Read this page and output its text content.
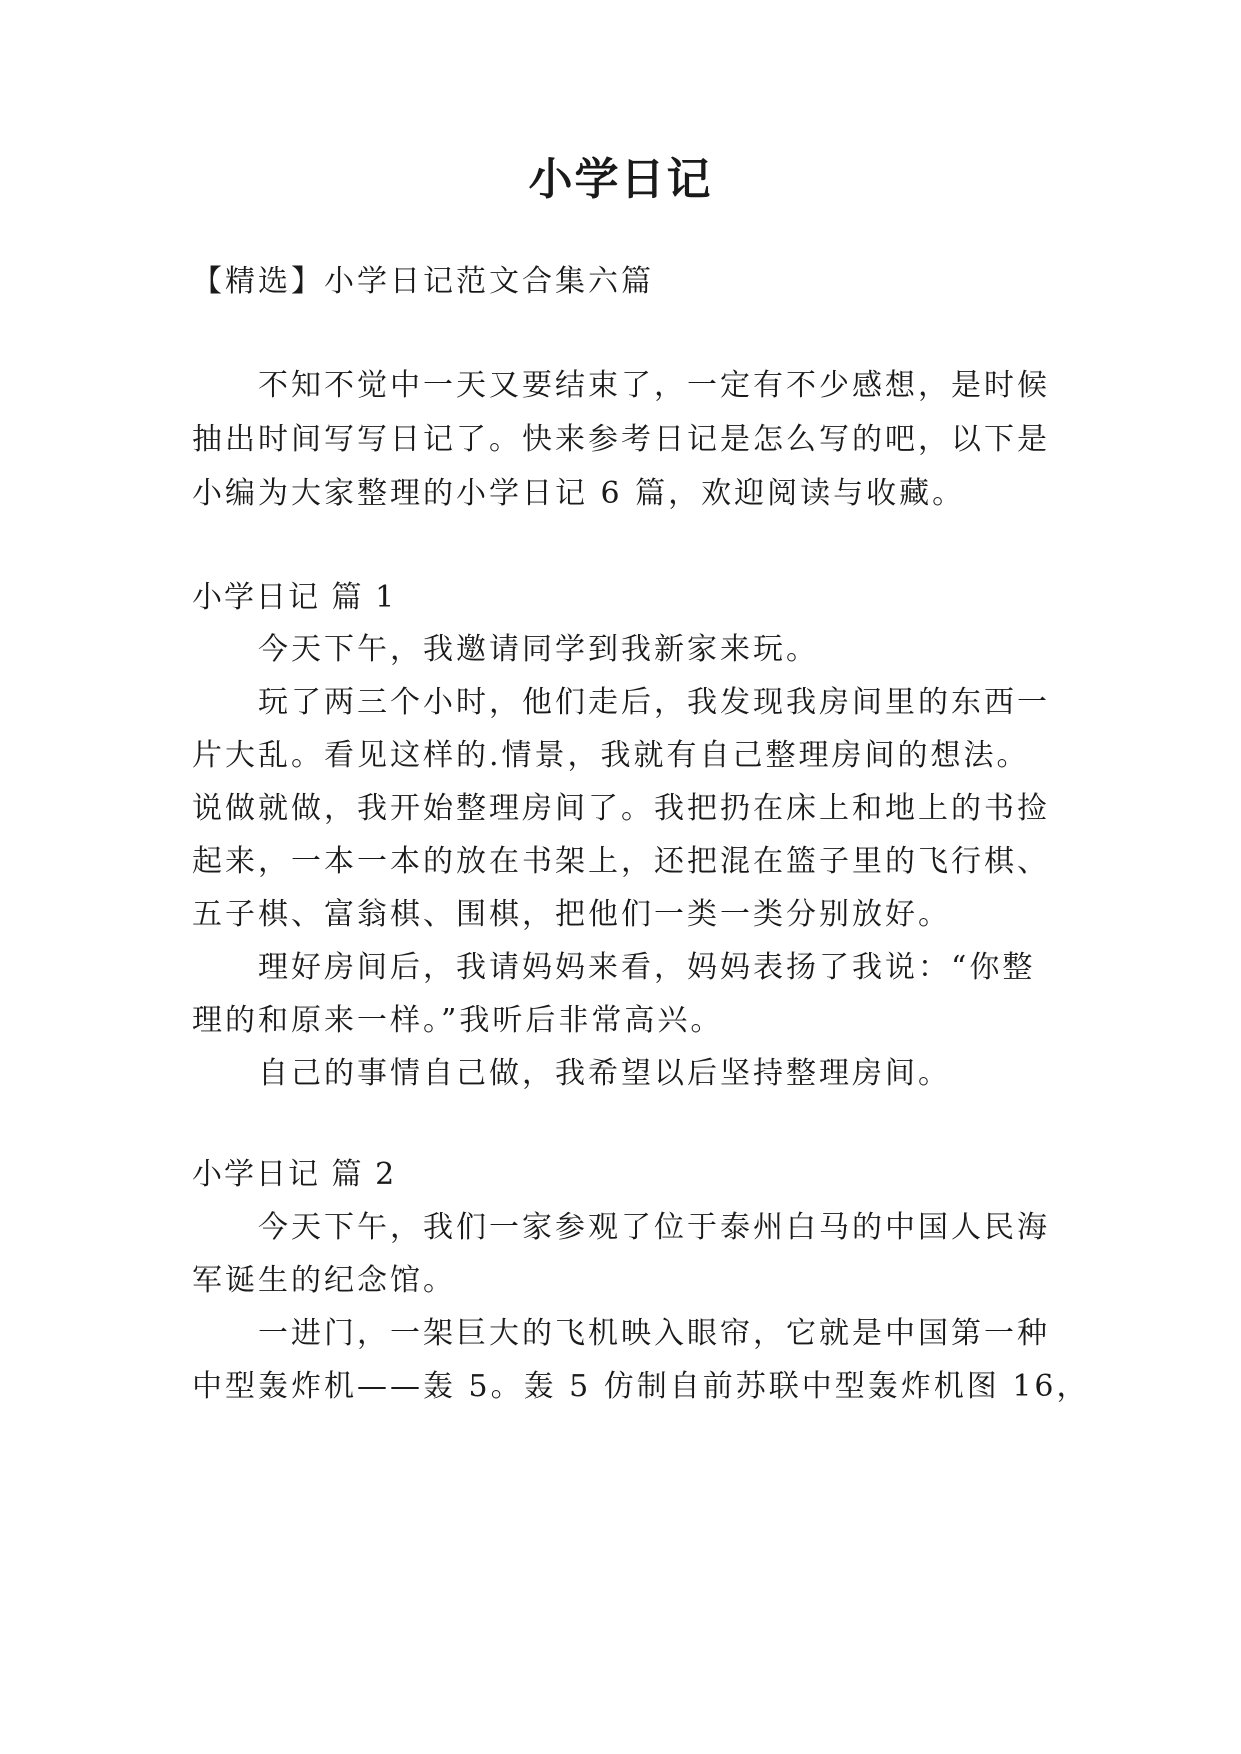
小学日记
【精选】小学日记范文合集六篇
不知不觉中一天又要结束了，一定有不少感想，是时候
抽出时间写写日记了。快来参考日记是怎么写的吧，以下是
小编为大家整理的小学日记 6 篇，欢迎阅读与收藏。
小学日记 篇 1
今天下午，我邀请同学到我新家来玩。
玩了两三个小时，他们走后，我发现我房间里的东西一
片大乱。看见这样的.情景，我就有自己整理房间的想法。
说做就做，我开始整理房间了。我把扔在床上和地上的书捡
起来，一本一本的放在书架上，还把混在篮子里的飞行棋、
五子棋、富翁棋、围棋，把他们一类一类分别放好。
理好房间后，我请妈妈来看，妈妈表扬了我说：“你整
理的和原来一样。”我听后非常高兴。
自己的事情自己做，我希望以后坚持整理房间。
小学日记 篇 2
今天下午，我们一家参观了位于泰州白马的中国人民海
军诞生的纪念馆。
一进门，一架巨大的飞机映入眼帘，它就是中国第一种
中型轰炸机——轰 5。轰 5 仿制自前苏联中型轰炸机图 16，
